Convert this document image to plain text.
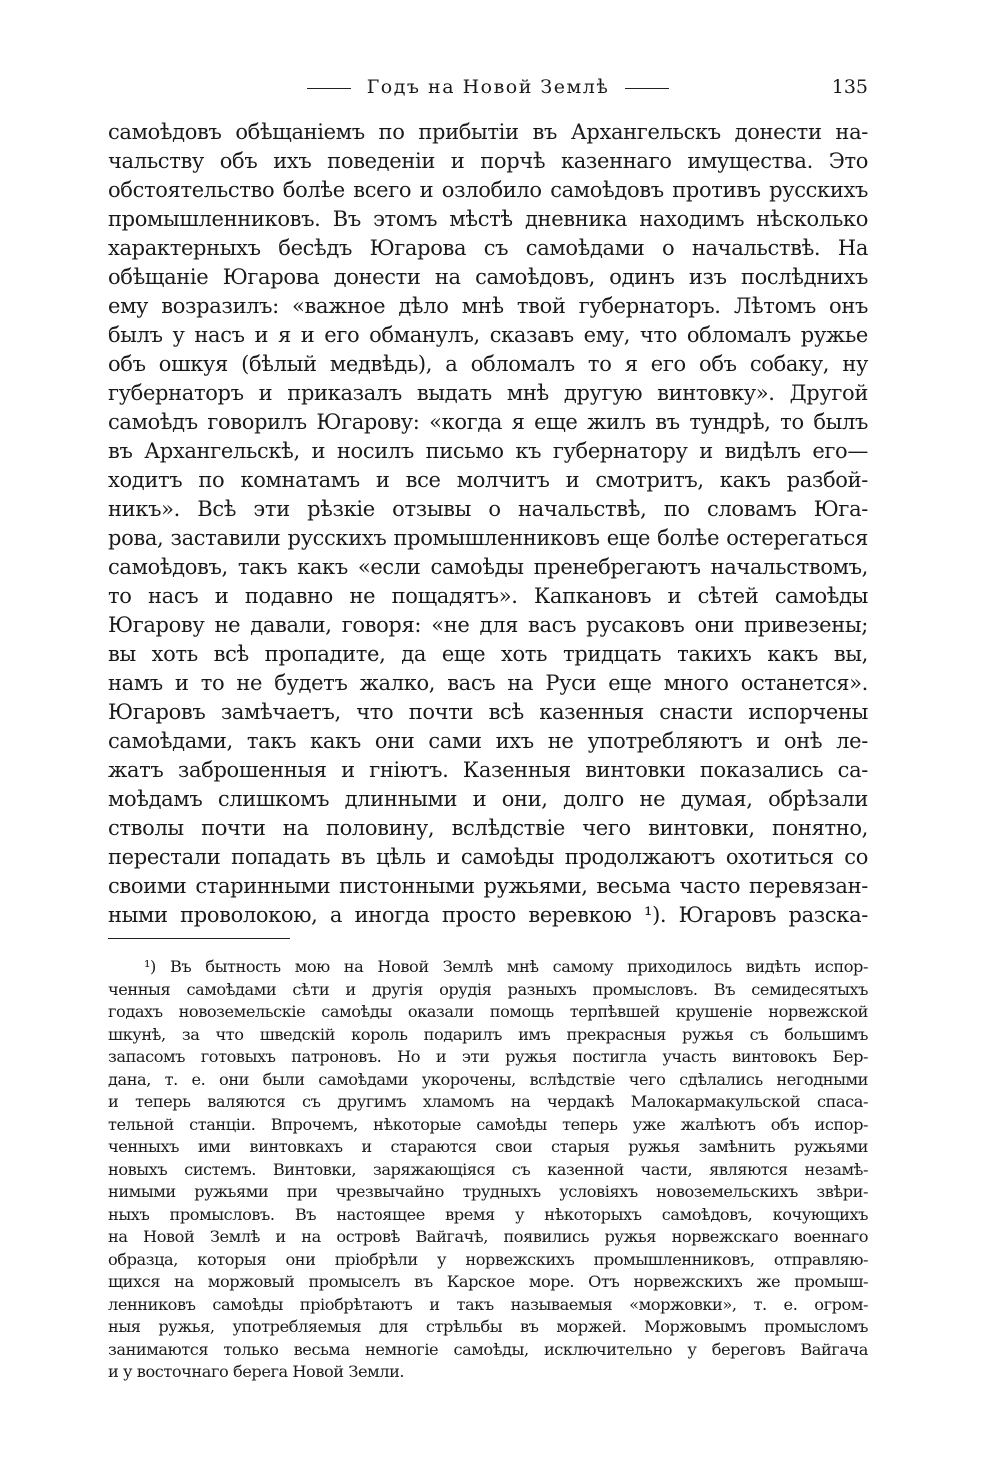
Годъ на Новой Землѣ	135
самоѣдовъ обѣщаніемъ по прибытіи въ Архангельскъ донести на-
чальству объ ихъ поведеніи и порчѣ казеннаго имущества. Это
обстоятельство болѣе всего и озлобило самоѣдовъ противъ русскихъ
промышленниковъ. Въ этомъ мѣстѣ дневника находимъ нѣсколько
характерныхъ бесѣдъ Югарова съ самоѣдами о начальствѣ. На
обѣщаніе Югарова донести на самоѣдовъ, одинъ изъ послѣднихъ
ему возразилъ: «важное дѣло мнѣ твой губернаторъ. Лѣтомъ онъ
былъ у насъ и я и его обманулъ, сказавъ ему, что обломалъ ружье
объ ошкуя (бѣлый медвѣдь), а обломалъ то я его объ собаку, ну
губернаторъ и приказалъ выдать мнѣ другую винтовку». Другой
самоѣдъ говорилъ Югарову: «когда я еще жилъ въ тундрѣ, то былъ
въ Архангельскѣ, и носилъ письмо къ губернатору и видѣлъ его—
ходитъ по комнатамъ и все молчитъ и смотритъ, какъ разбой-
никъ». Всѣ эти рѣзкіе отзывы о начальствѣ, по словамъ Юга-
рова, заставили русскихъ промышленниковъ еще болѣе остерегаться
самоѣдовъ, такъ какъ «если самоѣды пренебрегаютъ начальствомъ,
то насъ и подавно не пощадятъ». Капкановъ и сѣтей самоѣды
Югарову не давали, говоря: «не для васъ русаковъ они привезены;
вы хоть всѣ пропадите, да еще хоть тридцать такихъ какъ вы,
намъ и то не будетъ жалко, васъ на Руси еще много останется».
Югаровъ замѣчаетъ, что почти всѣ казенныя снасти испорчены
самоѣдами, такъ какъ они сами ихъ не употребляютъ и онѣ ле-
жатъ заброшенныя и гніютъ. Казенныя винтовки показались са-
моѣдамъ слишкомъ длинными и они, долго не думая, обрѣзали
стволы почти на половину, вслѣдствіе чего винтовки, понятно,
перестали попадать въ цѣль и самоѣды продолжаютъ охотиться со
своими старинными пистонными ружьями, весьма часто перевязан-
ными проволокою, а иногда просто веревкою ¹). Югаровъ разска-
¹) Въ бытность мою на Новой Землѣ мнѣ самому приходилось видѣть испор-
ченныя самоѣдами сѣти и другія орудія разныхъ промысловъ. Въ семидесятыхъ
годахъ новоземельскіе самоѣды оказали помощь терпѣвшей крушеніе норвежской
шкунѣ, за что шведскій король подарилъ имъ прекрасныя ружья съ большимъ
запасомъ готовыхъ патроновъ. Но и эти ружья постигла участь винтовокъ Бер-
дана, т. е. они были самоѣдами укорочены, вслѣдствіе чего сдѣлались негодными
и теперь валяются съ другимъ хламомъ на чердакѣ Малокармакульской спаса-
тельной станціи. Впрочемъ, нѣкоторые самоѣды теперь уже жалѣютъ объ испор-
ченныхъ ими винтовкахъ и стараются свои старыя ружья замѣнить ружьями
новыхъ системъ. Винтовки, заряжающіяся съ казенной части, являются незамѣ-
нимыми ружьями при чрезвычайно трудныхъ условіяхъ новоземельскихъ звѣри-
ныхъ промысловъ. Въ настоящее время у нѣкоторыхъ самоѣдовъ, кочующихъ
на Новой Землѣ и на островѣ Вайгачѣ, появились ружья норвежскаго военнаго
образца, которыя они пріобрѣли у норвежскихъ промышленниковъ, отправляю-
щихся на моржовый промыселъ въ Карское море. Отъ норвежскихъ же промыш-
ленниковъ самоѣды пріобрѣтаютъ и такъ называемыя «моржовки», т. е. огром-
ныя ружья, употребляемыя для стрѣльбы въ моржей. Моржовымъ промысломъ
занимаются только весьма немногіе самоѣды, исключительно у береговъ Вайгача
и у восточнаго берега Новой Земли.
